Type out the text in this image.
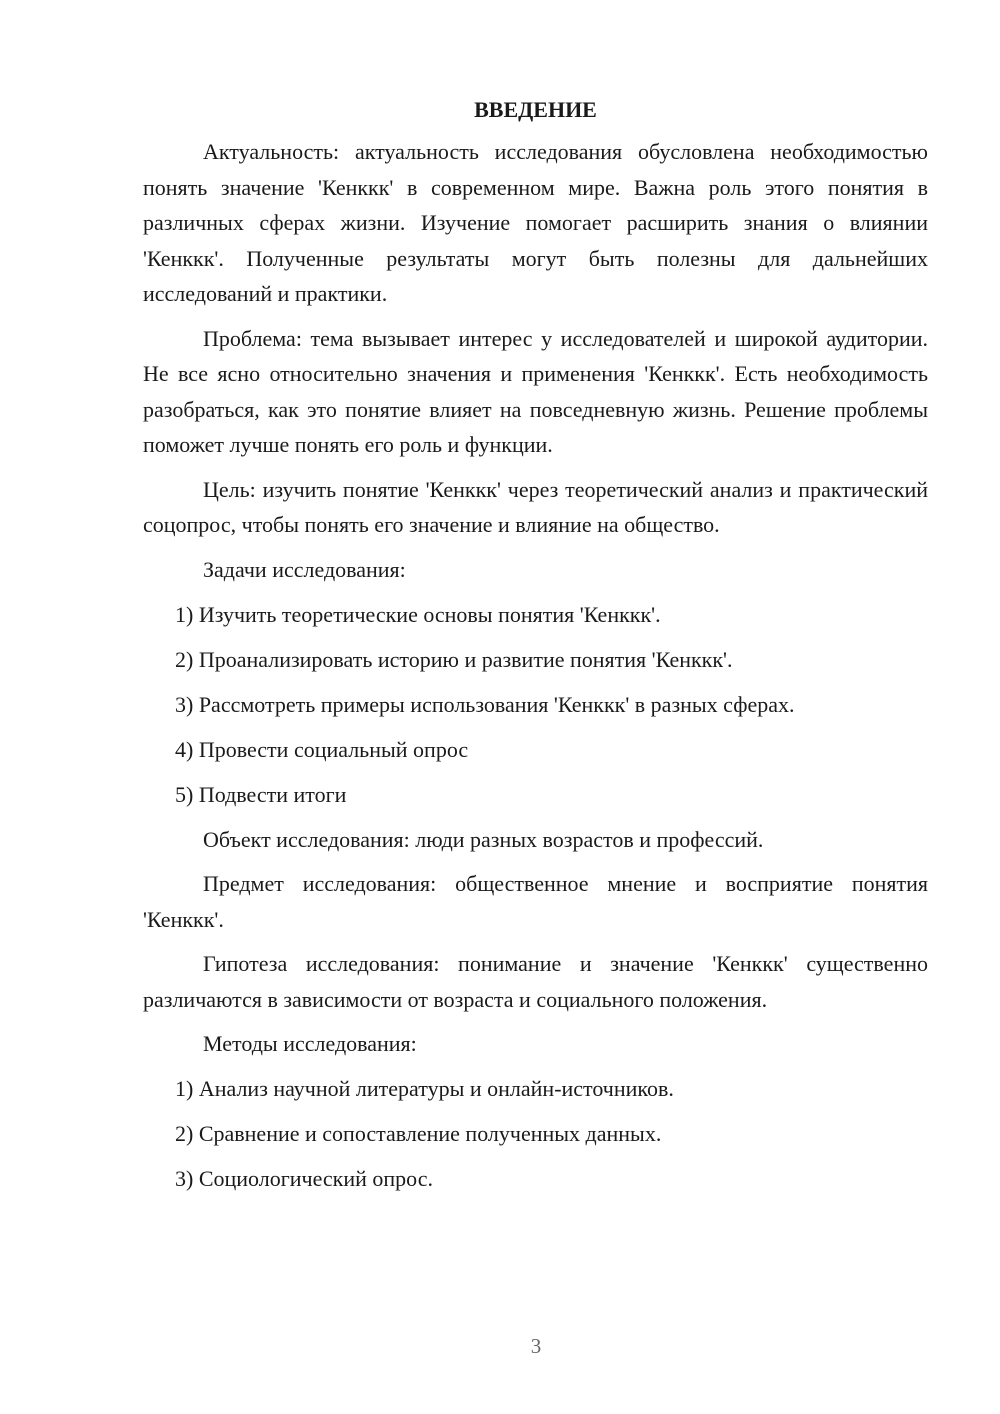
ВВЕДЕНИЕ

Актуальность: актуальность исследования обусловлена необходимостью понять значение 'Кенккк' в современном мире. Важна роль этого понятия в различных сферах жизни. Изучение помогает расширить знания о влиянии 'Кенккк'. Полученные результаты могут быть полезны для дальнейших исследований и практики.

Проблема: тема вызывает интерес у исследователей и широкой аудитории. Не все ясно относительно значения и применения 'Кенккк'. Есть необходимость разобраться, как это понятие влияет на повседневную жизнь. Решение проблемы поможет лучше понять его роль и функции.

Цель: изучить понятие 'Кенккк' через теоретический анализ и практический соцопрос, чтобы понять его значение и влияние на общество.

Задачи исследования:

1) Изучить теоретические основы понятия 'Кенккк'.

2) Проанализировать историю и развитие понятия 'Кенккк'.

3) Рассмотреть примеры использования 'Кенккк' в разных сферах.

4) Провести социальный опрос

5) Подвести итоги

Объект исследования: люди разных возрастов и профессий.

Предмет исследования: общественное мнение и восприятие понятия 'Кенккк'.

Гипотеза исследования: понимание и значение 'Кенккк' существенно различаются в зависимости от возраста и социального положения.

Методы исследования:

1) Анализ научной литературы и онлайн-источников.

2) Сравнение и сопоставление полученных данных.

3) Социологический опрос.

3
